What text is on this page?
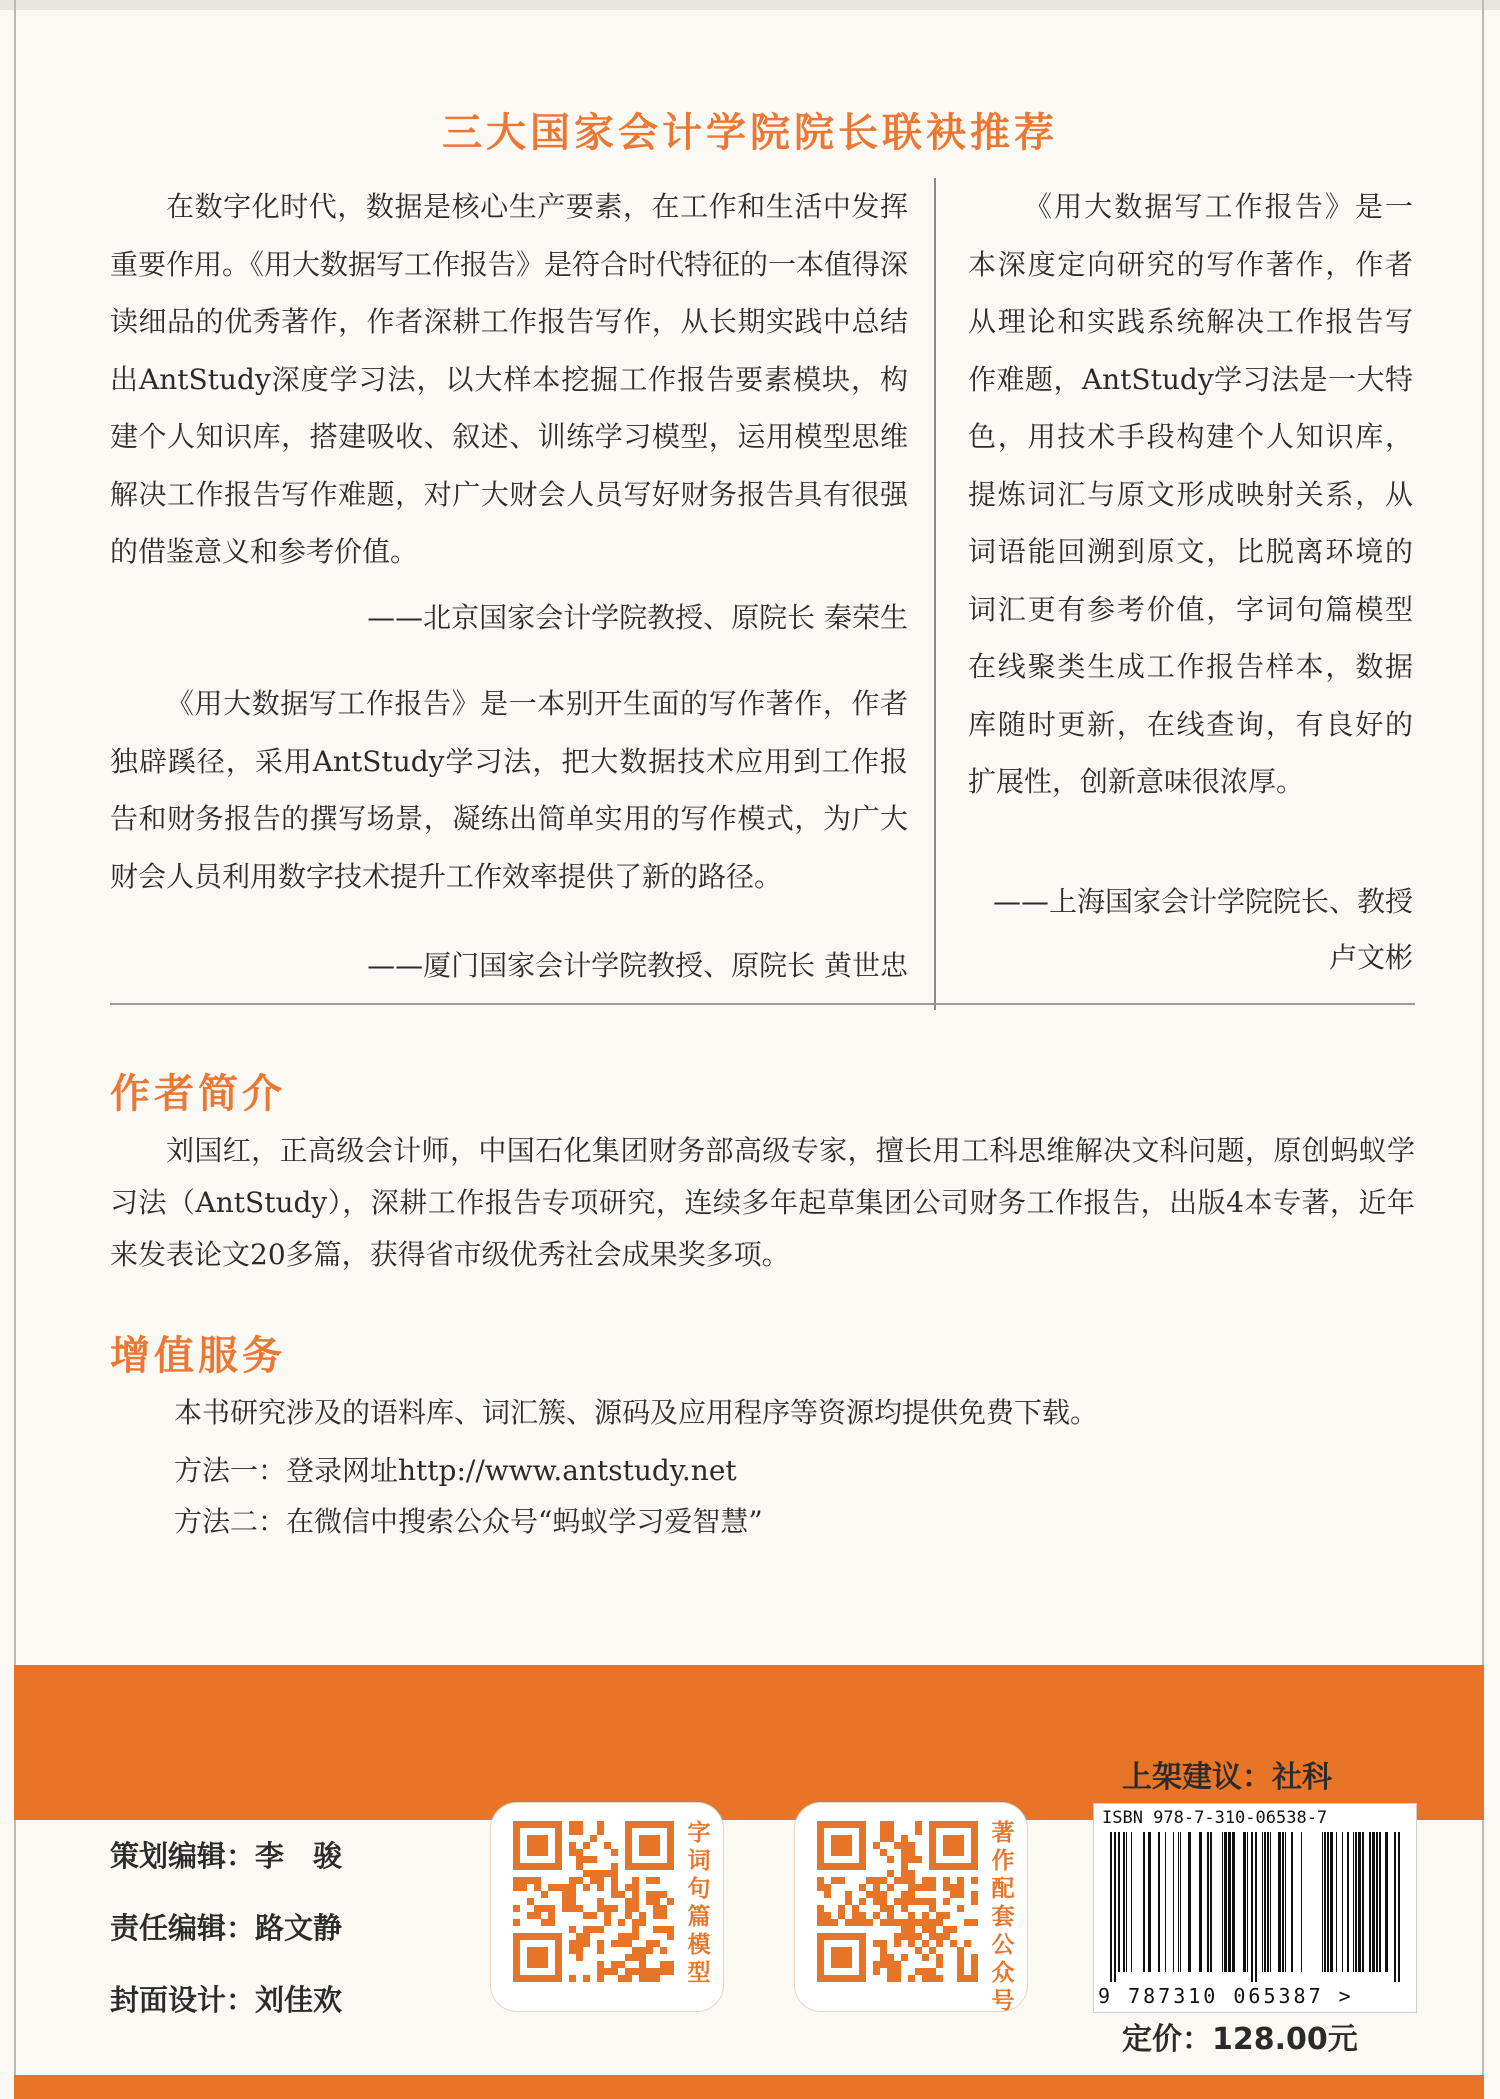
三大国家会计学院院长联袂推荐

在数字化时代，数据是核心生产要素，在工作和生活中发挥重要作用。《用大数据写工作报告》是符合时代特征的一本值得深读细品的优秀著作，作者深耕工作报告写作，从长期实践中总结出AntStudy深度学习法，以大样本挖掘工作报告要素模块，构建个人知识库，搭建吸收、叙述、训练学习模型，运用模型思维解决工作报告写作难题，对广大财会人员写好财务报告具有很强的借鉴意义和参考价值。

——北京国家会计学院教授、原院长 秦荣生

《用大数据写工作报告》是一本别开生面的写作著作，作者独辟蹊径，采用AntStudy学习法，把大数据技术应用到工作报告和财务报告的撰写场景，凝练出简单实用的写作模式，为广大财会人员利用数字技术提升工作效率提供了新的路径。

——厦门国家会计学院教授、原院长 黄世忠

《用大数据写工作报告》是一本深度定向研究的写作著作，作者从理论和实践系统解决工作报告写作难题，AntStudy学习法是一大特色，用技术手段构建个人知识库，提炼词汇与原文形成映射关系，从词语能回溯到原文，比脱离环境的词汇更有参考价值，字词句篇模型在线聚类生成工作报告样本，数据库随时更新，在线查询，有良好的扩展性，创新意味很浓厚。

——上海国家会计学院院长、教授

卢文彬

作者简介

刘国红，正高级会计师，中国石化集团财务部高级专家，擅长用工科思维解决文科问题，原创蚂蚁学习法（AntStudy），深耕工作报告专项研究，连续多年起草集团公司财务工作报告，出版4本专著，近年来发表论文20多篇，获得省市级优秀社会成果奖多项。

增值服务

本书研究涉及的语料库、词汇簇、源码及应用程序等资源均提供免费下载。

方法一：登录网址http://www.antstudy.net

方法二：在微信中搜索公众号“蚂蚁学习爱智慧”

策划编辑：李　骏
责任编辑：路文静
封面设计：刘佳欢
字词句篇模型
著作配套公众号
上架建议：社科
ISBN 978-7-310-06538-7
9 787310 065387 >
定价：128.00元
